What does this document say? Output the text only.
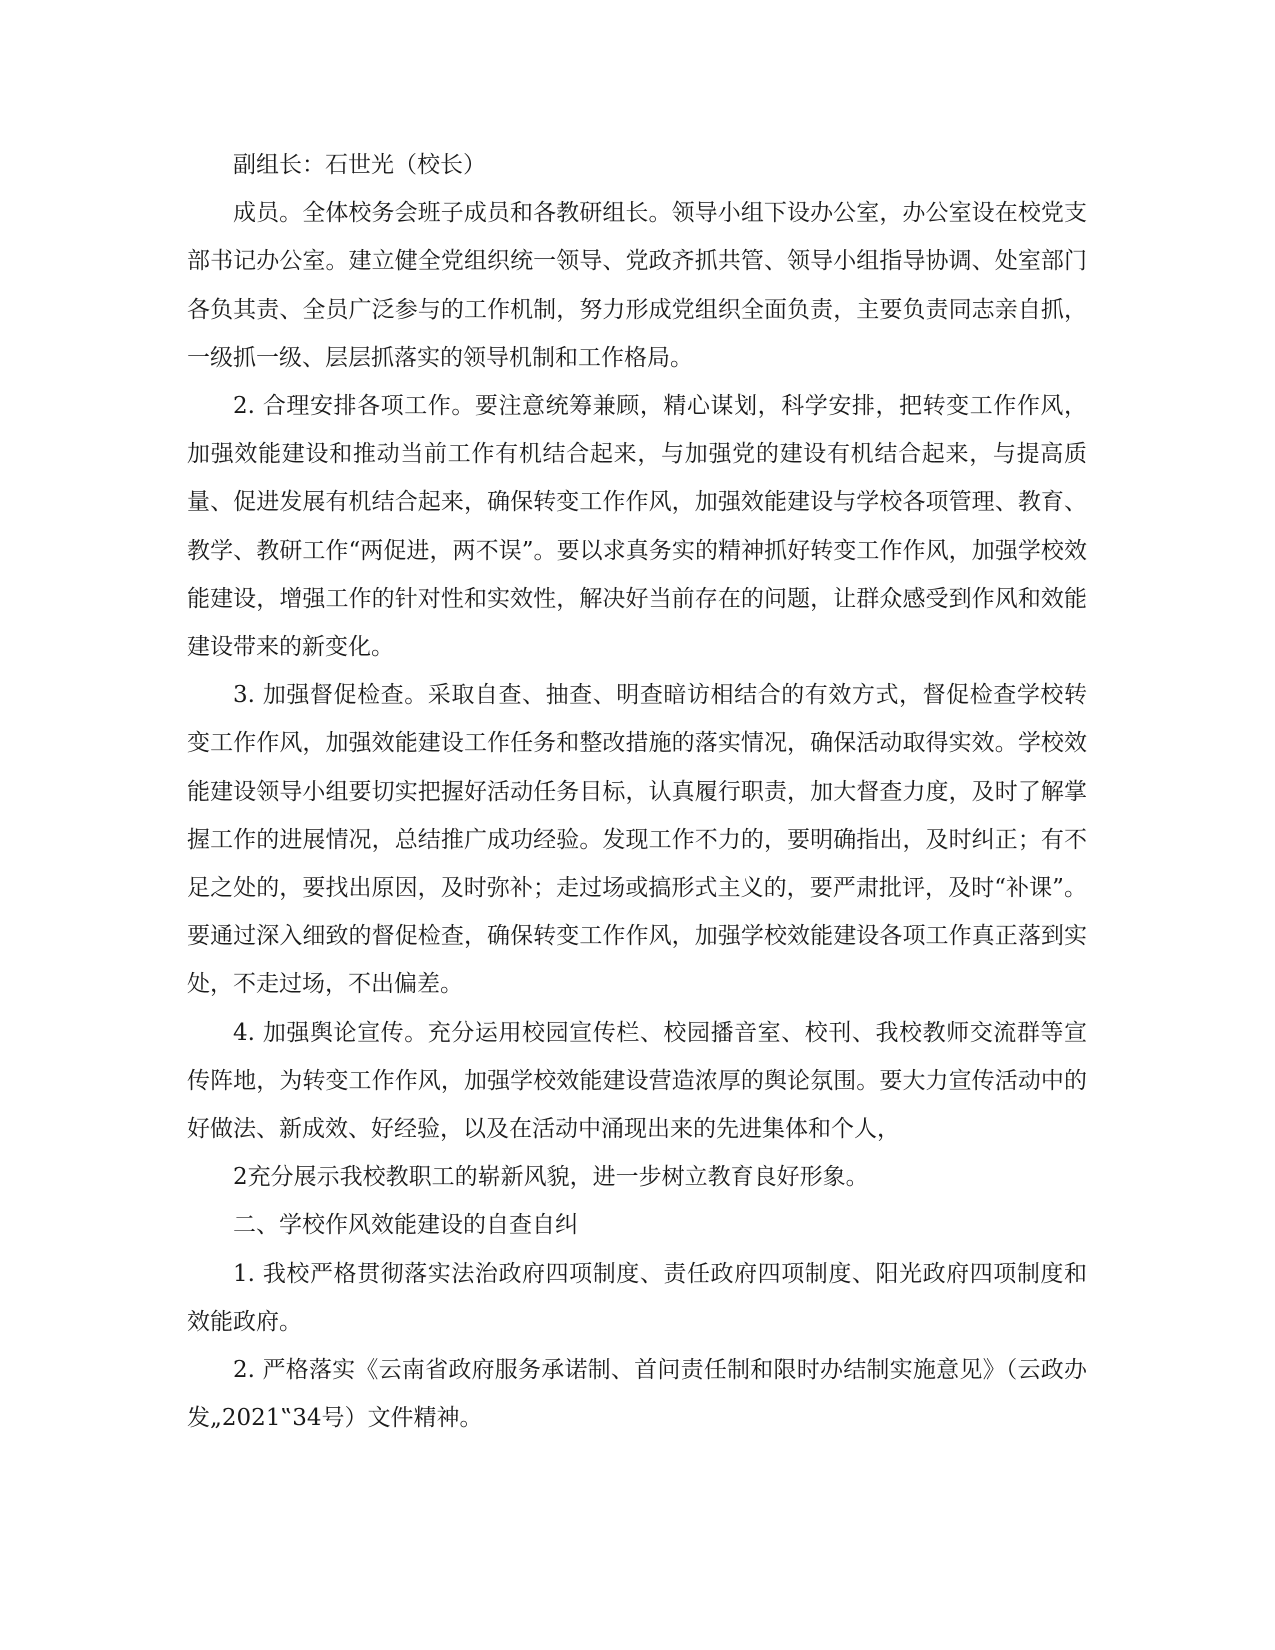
副组长：石世光（校长）

成员。全体校务会班子成员和各教研组长。领导小组下设办公室，办公室设在校党支部书记办公室。建立健全党组织统一领导、党政齐抓共管、领导小组指导协调、处室部门各负其责、全员广泛参与的工作机制，努力形成党组织全面负责，主要负责同志亲自抓，一级抓一级、层层抓落实的领导机制和工作格局。

2. 合理安排各项工作。要注意统筹兼顾，精心谋划，科学安排，把转变工作作风，加强效能建设和推动当前工作有机结合起来，与加强党的建设有机结合起来，与提高质量、促进发展有机结合起来，确保转变工作作风，加强效能建设与学校各项管理、教育、教学、教研工作“两促进，两不误”。要以求真务实的精神抓好转变工作作风，加强学校效能建设，增强工作的针对性和实效性，解决好当前存在的问题，让群众感受到作风和效能建设带来的新变化。

3. 加强督促检查。采取自查、抽查、明查暗访相结合的有效方式，督促检查学校转变工作作风，加强效能建设工作任务和整改措施的落实情况，确保活动取得实效。学校效能建设领导小组要切实把握好活动任务目标，认真履行职责，加大督查力度，及时了解掌握工作的进展情况，总结推广成功经验。发现工作不力的，要明确指出，及时纠正；有不足之处的，要找出原因，及时弥补；走过场或搞形式主义的，要严肃批评，及时“补课”。要通过深入细致的督促检查，确保转变工作作风，加强学校效能建设各项工作真正落到实处，不走过场，不出偏差。

4. 加强舆论宣传。充分运用校园宣传栏、校园播音室、校刊、我校教师交流群等宣传阵地，为转变工作作风，加强学校效能建设营造浓厚的舆论氛围。要大力宣传活动中的好做法、新成效、好经验，以及在活动中涌现出来的先进集体和个人，

2充分展示我校教职工的崭新风貌，进一步树立教育良好形象。

二、学校作风效能建设的自查自纠

1. 我校严格贯彻落实法治政府四项制度、责任政府四项制度、阳光政府四项制度和效能政府。

2. 严格落实《云南省政府服务承诺制、首问责任制和限时办结制实施意见》（云政办发„2021‟34号）文件精神。
